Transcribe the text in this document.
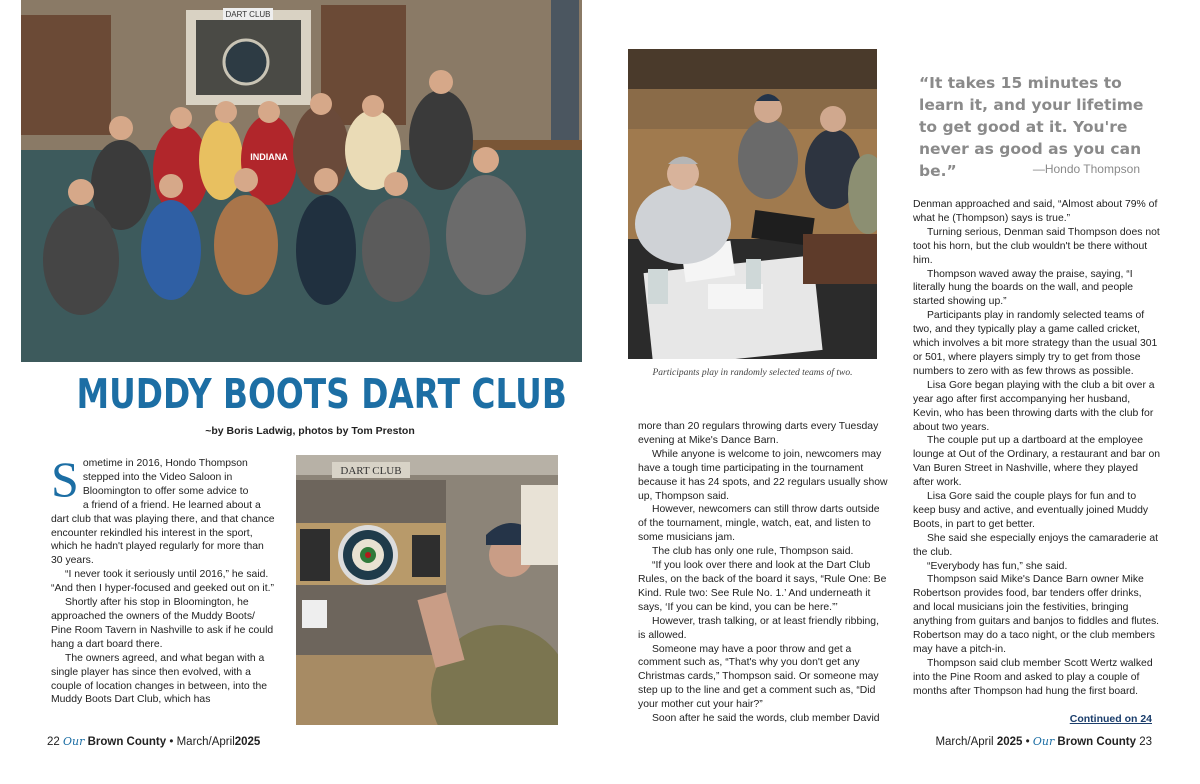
DART CLUB
INDIANA
MUDDY BOOTS DART CLUB
~by Boris Ladwig, photos by Tom Preston

Sometime in 2016, Hondo Thompson stepped into the Video Saloon in Bloomington to offer some advice to

a friend of a friend. He learned about a dart club that was playing there, and that chance encounter rekindled his interest in the sport, which he hadn't played regularly for more than 30 years.

“I never took it seriously until 2016,” he said. “And then I hyper-focused and geeked out on it.”

Shortly after his stop in Bloomington, he approached the owners of the Muddy Boots/ Pine Room Tavern in Nashville to ask if he could hang a dart board there.

The owners agreed, and what began with a single player has since then evolved, with a couple of location changes in between, into the Muddy Boots Dart Club, which has

DART CLUB
Participants play in randomly selected teams of two.

more than 20 regulars throwing darts every Tuesday evening at Mike's Dance Barn.

While anyone is welcome to join, newcomers may have a tough time participating in the tournament because it has 24 spots, and 22 regulars usually show up, Thompson said.

However, newcomers can still throw darts outside of the tournament, mingle, watch, eat, and listen to some musicians jam.

The club has only one rule, Thompson said.

“If you look over there and look at the Dart Club Rules, on the back of the board it says, “Rule One: Be Kind. Rule two: See Rule No. 1.’ And underneath it says, ‘If you can be kind, you can be here.”’

However, trash talking, or at least friendly ribbing, is allowed.

Someone may have a poor throw and get a comment such as, “That's why you don't get any Christmas cards,” Thompson said. Or someone may step up to the line and get a comment such as, “Did your mother cut your hair?”

Soon after he said the words, club member David

“It takes 15 minutes to learn it, and your lifetime to get good at it. You're never as good as you can be.”	—Hondo Thompson

Denman approached and said, “Almost about 79% of what he (Thompson) says is true.”

Turning serious, Denman said Thompson does not toot his horn, but the club wouldn't be there without him.

Thompson waved away the praise, saying, “I literally hung the boards on the wall, and people started showing up.”

Participants play in randomly selected teams of two, and they typically play a game called cricket, which involves a bit more strategy than the usual 301 or 501, where players simply try to get from those numbers to zero with as few throws as possible.

Lisa Gore began playing with the club a bit over a year ago after first accompanying her husband, Kevin, who has been throwing darts with the club for about two years.

The couple put up a dartboard at the employee lounge at Out of the Ordinary, a restaurant and bar on Van Buren Street in Nashville, where they played after work.

Lisa Gore said the couple plays for fun and to keep busy and active, and eventually joined Muddy Boots, in part to get better.

She said she especially enjoys the camaraderie at the club.

“Everybody has fun,” she said.

Thompson said Mike's Dance Barn owner Mike Robertson provides food, bar tenders offer drinks, and local musicians join the festivities, bringing anything from guitars and banjos to fiddles and flutes. Robertson may do a taco night, or the club members may have a pitch-in.

Thompson said club member Scott Wertz walked into the Pine Room and asked to play a couple of months after Thompson had hung the first board.

Continued on 24
22 Our Brown County • March/April2025	March/April 2025 • Our Brown County 23
